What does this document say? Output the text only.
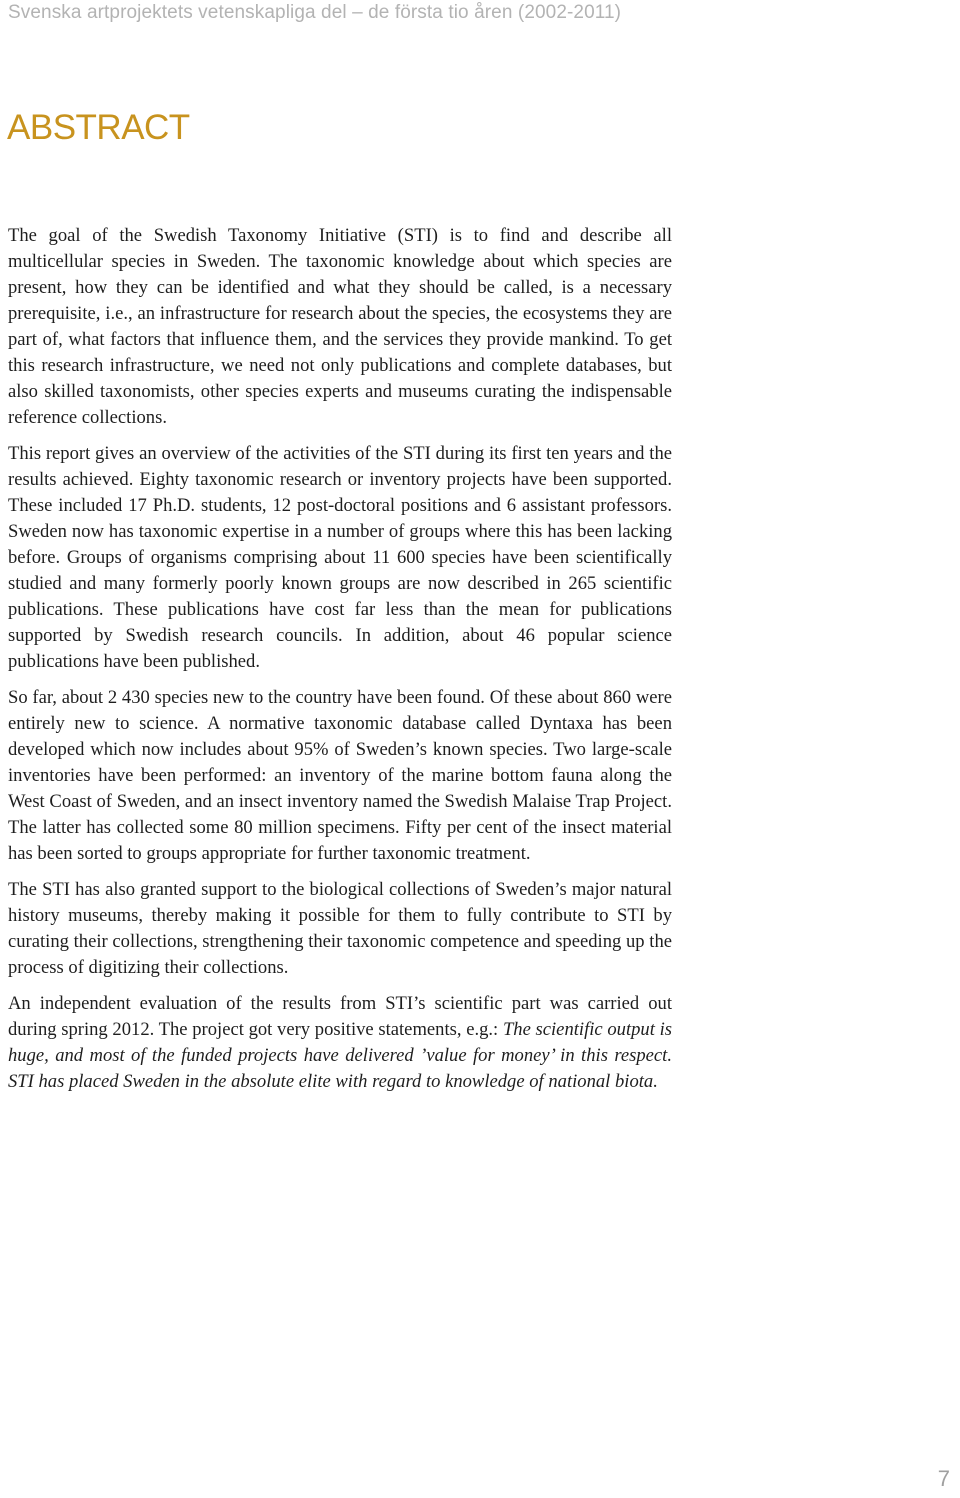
Svenska artprojektets vetenskapliga del – de första tio åren (2002-2011)
ABSTRACT

The goal of the Swedish Taxonomy Initiative (STI) is to find and describe all multicellular species in Sweden. The taxonomic knowledge about which species are present, how they can be identified and what they should be called, is a necessary prerequisite, i.e., an infrastructure for research about the species, the ecosystems they are part of, what factors that influence them, and the services they provide mankind. To get this research infrastructure, we need not only publications and complete databases, but also skilled taxonomists, other species experts and museums curating the indispensable reference collections.

This report gives an overview of the activities of the STI during its first ten years and the results achieved. Eighty taxonomic research or inventory projects have been supported. These included 17 Ph.D. students, 12 post-doctoral positions and 6 assistant professors. Sweden now has taxonomic expertise in a number of groups where this has been lacking before. Groups of organisms comprising about 11 600 species have been scientifically studied and many formerly poorly known groups are now described in 265 scientific publications. These publications have cost far less than the mean for publications supported by Swedish research councils. In addition, about 46 popular science publications have been published.

So far, about 2 430 species new to the country have been found. Of these about 860 were entirely new to science. A normative taxonomic database called Dyntaxa has been developed which now includes about 95% of Sweden’s known species. Two large-scale inventories have been performed: an inventory of the marine bottom fauna along the West Coast of Sweden, and an insect inventory named the Swedish Malaise Trap Project. The latter has collected some 80 million specimens. Fifty per cent of the insect material has been sorted to groups appropriate for further taxonomic treatment.

The STI has also granted support to the biological collections of Sweden’s major natural history museums, thereby making it possible for them to fully contribute to STI by curating their collections, strengthening their taxonomic competence and speeding up the process of digitizing their collections.

An independent evaluation of the results from STI’s scientific part was carried out during spring 2012. The project got very positive statements, e.g.: The scientific output is huge, and most of the funded projects have delivered ’value for money’ in this respect. STI has placed Sweden in the absolute elite with regard to knowledge of national biota.

7
